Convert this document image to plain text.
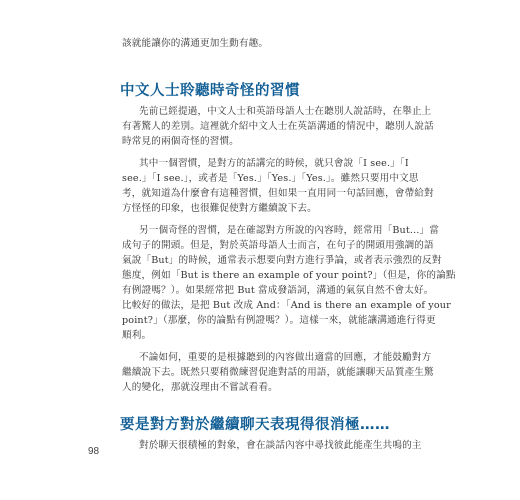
該就能讓你的溝通更加生動有趣。
中文人士聆聽時奇怪的習慣
先前已經提過，中文人士和英語母語人士在聽別人說話時，在舉止上
有著驚人的差別。這裡就介紹中文人士在英語溝通的情況中，聽別人說話
時常見的兩個奇怪的習慣。
其中一個習慣，是對方的話講完的時候，就只會說「I see.」「I
see.」「I see.」，或者是「Yes.」「Yes.」「Yes.」。雖然只要用中文思
考，就知道為什麼會有這種習慣，但如果一直用同一句話回應，會帶給對
方怪怪的印象，也很難促使對方繼續說下去。
另一個奇怪的習慣，是在確認對方所說的內容時，經常用「But...」當
成句子的開頭。但是，對於英語母語人士而言，在句子的開頭用強調的語
氣說「But」的時候，通常表示想要向對方進行爭論，或者表示強烈的反對
態度，例如「But is there an example of your point?」（但是，你的論點
有例證嗎？）。如果經常把 But 當成發語詞，溝通的氣氛自然不會太好。
比較好的做法，是把 But 改成 And：「And is there an example of your
point?」（那麼，你的論點有例證嗎？）。這樣一來，就能讓溝通進行得更
順利。
不論如何，重要的是根據聽到的內容做出適當的回應，才能鼓勵對方
繼續說下去。既然只要稍微練習促進對話的用語，就能讓聊天品質產生驚
人的變化，那就沒理由不嘗試看看。
要是對方對於繼續聊天表現得很消極……
對於聊天很積極的對象，會在談話內容中尋找彼此能產生共鳴的主
98
